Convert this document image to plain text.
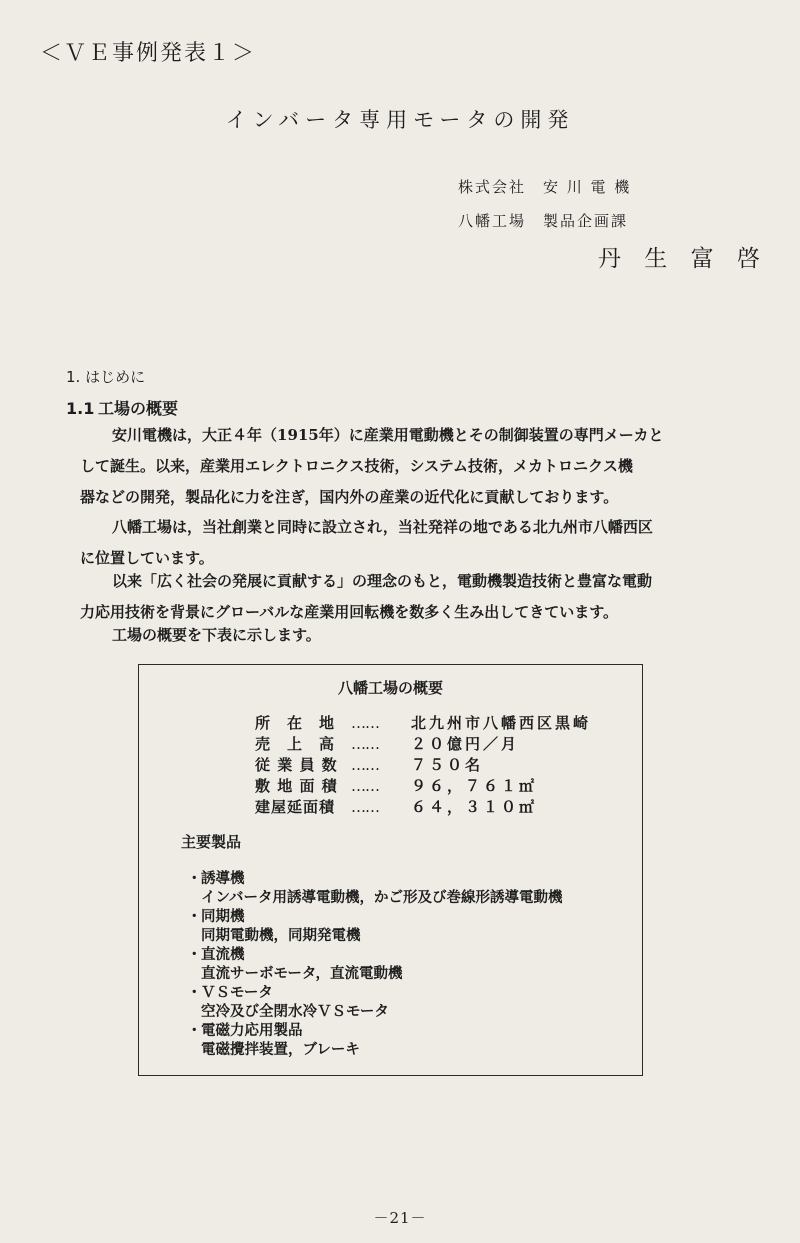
＜ＶＥ事例発表１＞
インバータ専用モータの開発
株式会社　安 川 電 機
八幡工場　製品企画課
丹 生 富 啓
1. はじめに
1.1 工場の概要
安川電機は，大正４年（1915年）に産業用電動機とその制御装置の専門メーカと
して誕生。以来，産業用エレクトロニクス技術，システム技術，メカトロニクス機
器などの開発，製品化に力を注ぎ，国内外の産業の近代化に貢献しております。
八幡工場は，当社創業と同時に設立され，当社発祥の地である北九州市八幡西区
に位置しています。
以来「広く社会の発展に貢献する」の理念のもと，電動機製造技術と豊富な電動
力応用技術を背景にグローバルな産業用回転機を数多く生み出してきています。
工場の概要を下表に示します。
八幡工場の概要
所　在　地 …… 北九州市八幡西区黒崎
売　上　高 …… ２０億円／月
従 業 員 数 …… ７５０名
敷 地 面 積 …… ９６，７６１㎡
建屋延面積 …… ６４，３１０㎡
主要製品
・誘導機
インバータ用誘導電動機，かご形及び巻線形誘導電動機
・同期機
同期電動機，同期発電機
・直流機
直流サーボモータ，直流電動機
・ＶＳモータ
空冷及び全閉水冷ＶＳモータ
・電磁力応用製品
電磁攪拌装置，ブレーキ
－21－
